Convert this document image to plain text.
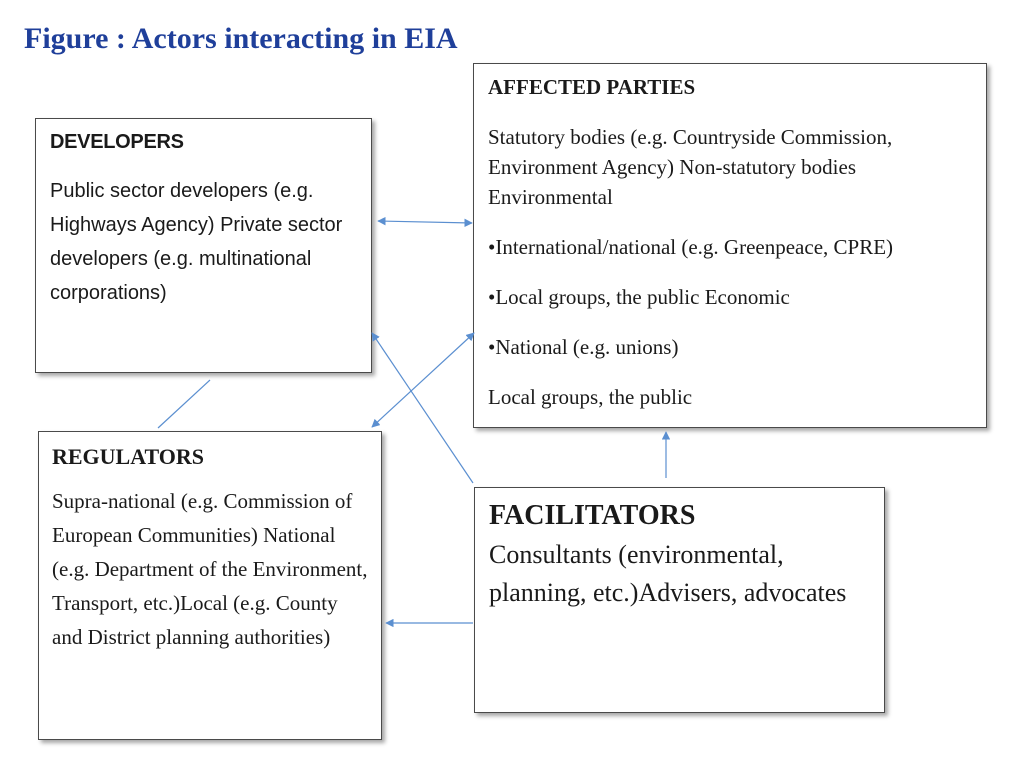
Figure : Actors interacting in EIA

DEVELOPERS

Public sector developers (e.g. Highways Agency) Private sector developers (e.g. multinational corporations)

AFFECTED PARTIES

Statutory bodies (e.g. Countryside Commission, Environment Agency) Non-statutory bodies Environmental

•International/national (e.g. Greenpeace, CPRE)

•Local groups, the public Economic

•National (e.g. unions)

Local groups, the public

REGULATORS

Supra-national (e.g. Commission of European Communities) National (e.g. Department of the Environment, Transport, etc.)Local (e.g. County and District planning authorities)

FACILITATORS

Consultants (environmental, planning, etc.)Advisers, advocates
